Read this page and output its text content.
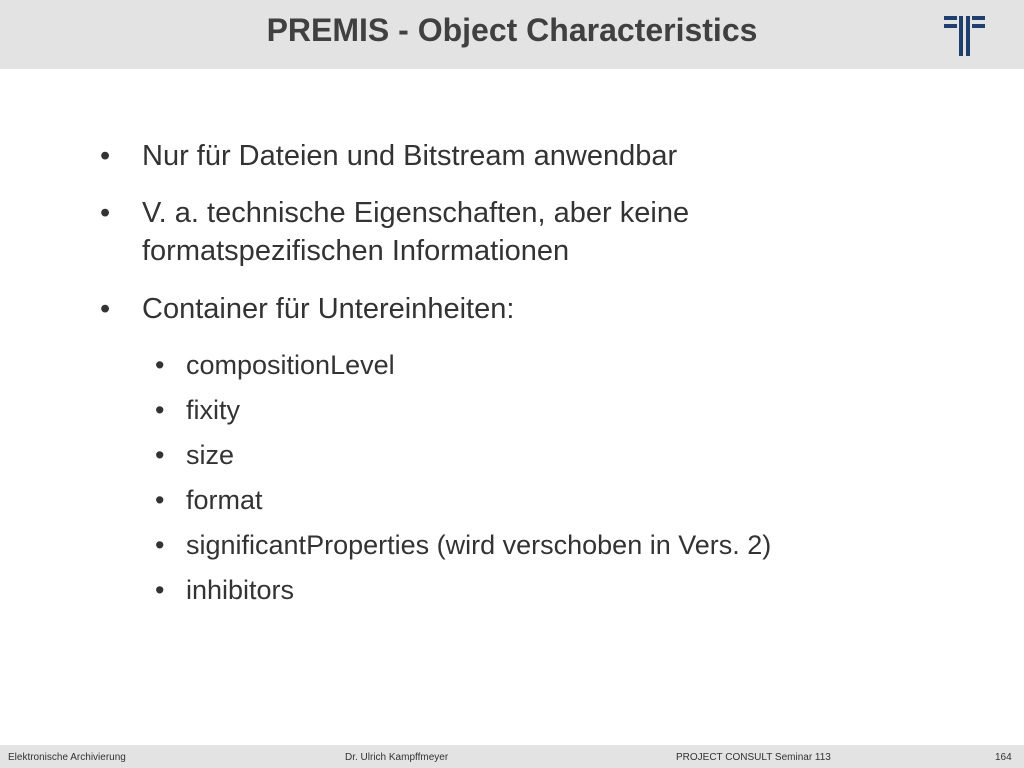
PREMIS - Object Characteristics
• Nur für Dateien und Bitstream anwendbar
• V. a. technische Eigenschaften, aber keine
formatspezifischen Informationen
• Container für Untereinheiten:
• compositionLevel
• fixity
• size
• format
• significantProperties (wird verschoben in Vers. 2)
• inhibitors
Elektronische Archivierung	Dr. Ulrich Kampffmeyer	PROJECT CONSULT Seminar 113	164
